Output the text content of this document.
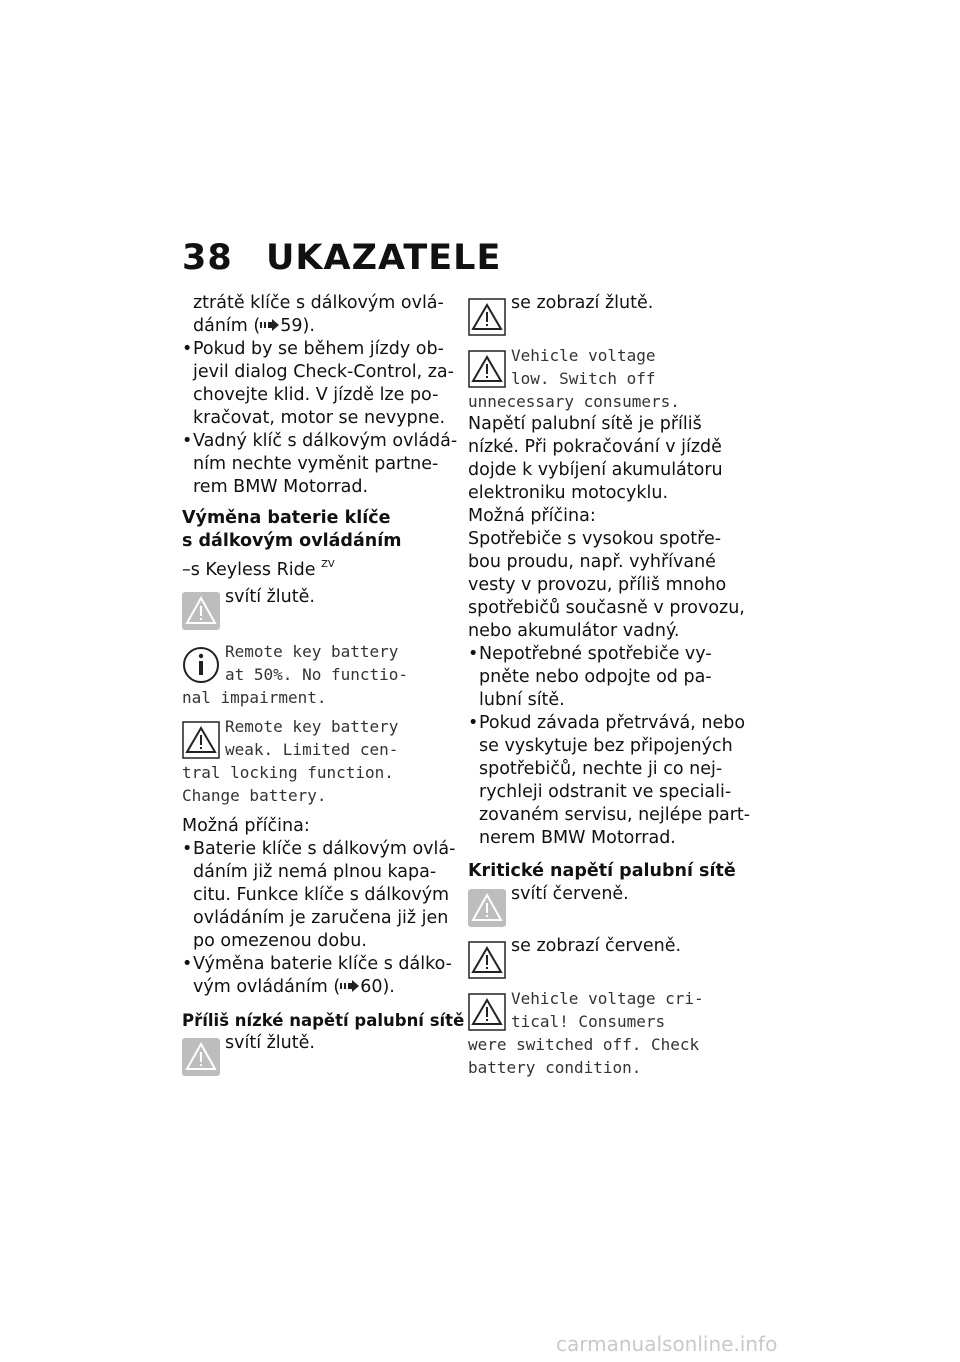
38 UKAZATELE

ztrátě klíče s dálkovým ovlá-

dáním ( 59).

• Pokud by se během jízdy ob-

jevil dialog Check-Control, za-

chovejte klid. V jízdě lze po-

kračovat, motor se nevypne.

• Vadný klíč s dálkovým ovládá-

ním nechte vyměnit partne-

rem BMW Motorrad.

Výměna baterie klíče

s dálkovým ovládáním

–s Keyless Ride $^{ZV}$

svítí žlutě.

Remote key battery

at 50%. No functio-

nal impairment.

Remote key battery

weak. Limited cen-

tral locking function.

Change battery.

Možná příčina:

• Baterie klíče s dálkovým ovlá-

dáním již nemá plnou kapa-

citu. Funkce klíče s dálkovým

ovládáním je zaručena již jen

po omezenou dobu.

• Výměna baterie klíče s dálko-

vým ovládáním ( 60).

Příliš nízké napětí palubní sítě

svítí žlutě.

se zobrazí žlutě.

Vehicle voltage

low. Switch off

unnecessary consumers.

Napětí palubní sítě je příliš

nízké. Při pokračování v jízdě

dojde k vybíjení akumulátoru

elektroniku motocyklu.

Možná příčina:

Spotřebiče s vysokou spotře-

bou proudu, např. vyhřívané

vesty v provozu, příliš mnoho

spotřebičů současně v provozu,

nebo akumulátor vadný.

• Nepotřebné spotřebiče vy-

pněte nebo odpojte od pa-

lubní sítě.

• Pokud závada přetrvává, nebo

se vyskytuje bez připojených

spotřebičů, nechte ji co nej-

rychleji odstranit ve speciali-

zovaném servisu, nejlépe part-

nerem BMW Motorrad.

Kritické napětí palubní sítě

svítí červeně.

se zobrazí červeně.

Vehicle voltage cri-

tical! Consumers

were switched off. Check

battery condition.

carmanualsonline.info
